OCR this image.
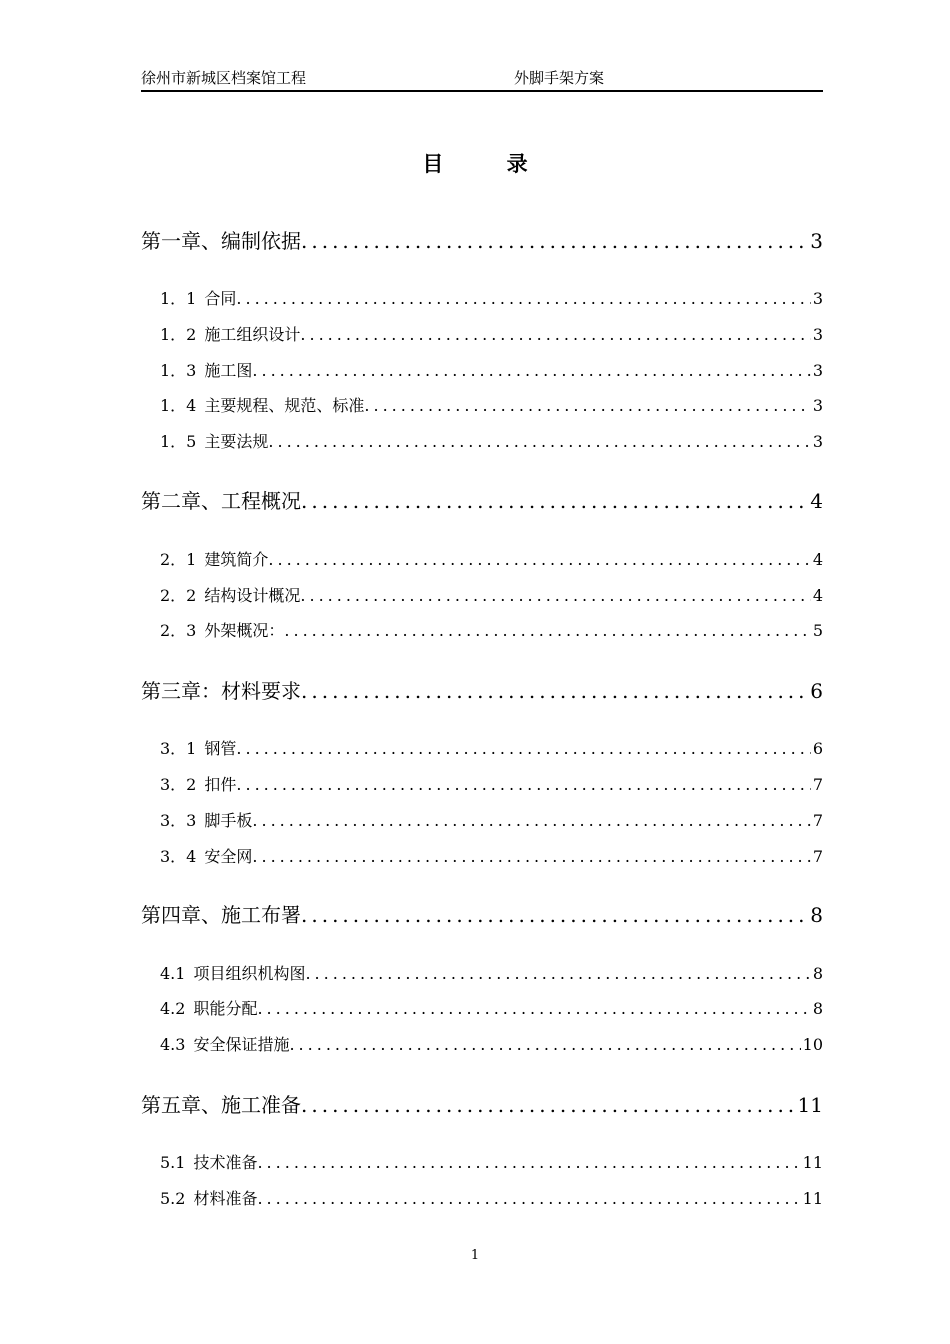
徐州市新城区档案馆工程	外脚手架方案
目 录
第一章、编制依据 .....	3
1．1 合同 .....	3
1．2 施工组织设计 .....	3
1．3 施工图 .....	3
1．4 主要规程、规范、标准 .....	3
1．5 主要法规 .....	3
第二章、工程概况 .....	4
2．1 建筑简介 .....	4
2．2 结构设计概况 .....	4
2．3 外架概况： .....	5
第三章：材料要求 .....	6
3．1 钢管 .....	6
3．2 扣件 .....	7
3．3 脚手板 .....	7
3．4 安全网 .....	7
第四章、施工布署 .....	8
4.1 项目组织机构图 .....	8
4.2 职能分配 .....	8
4.3 安全保证措施 .....	10
第五章、施工准备 .....	11
5.1 技术准备 .....	11
5.2 材料准备 .....	11
1
